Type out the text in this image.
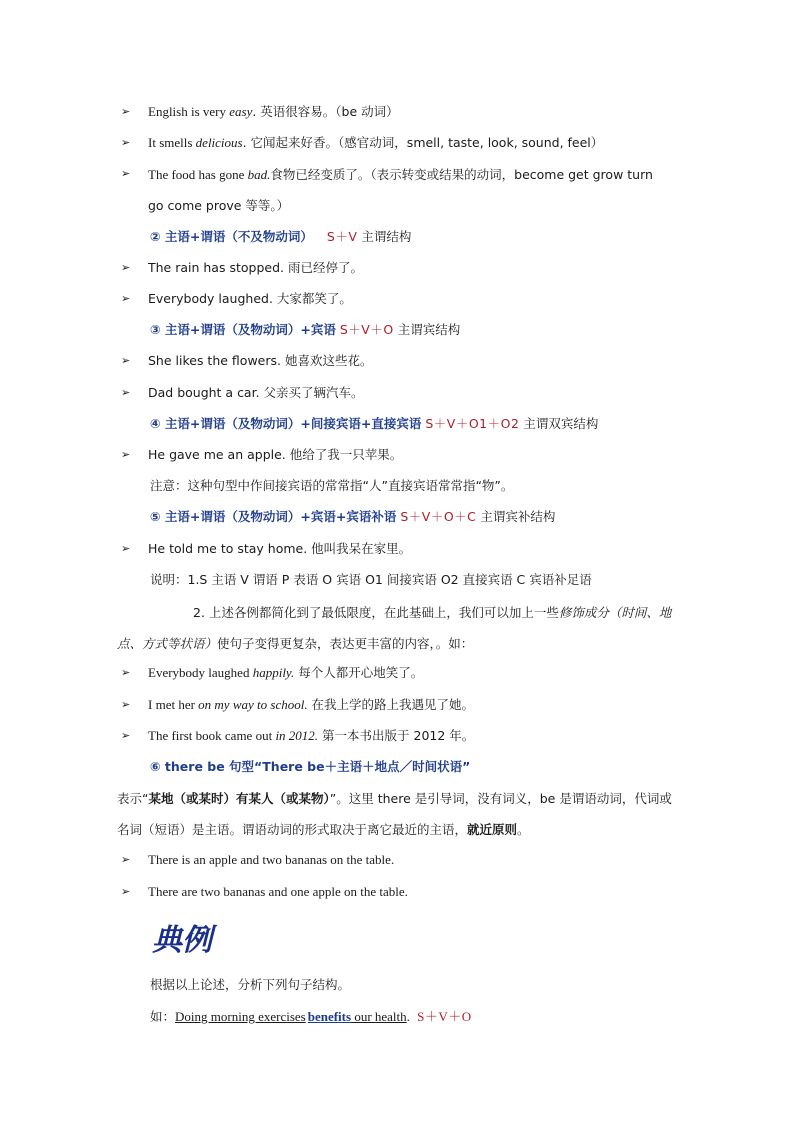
➢ English is very easy. 英语很容易。（be 动词）
➢ It smells delicious. 它闻起来好香。（感官动词，smell, taste, look, sound, feel）
➢ The food has gone bad.食物已经变质了。（表示转变或结果的动词，become get grow turn go come prove 等等。）
② 主语+谓语（不及物动词） S＋V 主谓结构
➢ The rain has stopped. 雨已经停了。
➢ Everybody laughed. 大家都笑了。
③ 主语+谓语（及物动词）+宾语 S＋V＋O 主谓宾结构
➢ She likes the flowers. 她喜欢这些花。
➢ Dad bought a car. 父亲买了辆汽车。
④ 主语+谓语（及物动词）+间接宾语+直接宾语 S＋V＋O1＋O2 主谓双宾结构
➢ He gave me an apple. 他给了我一只苹果。
注意：这种句型中作间接宾语的常常指“人”直接宾语常常指“物”。
⑤ 主语+谓语（及物动词）+宾语+宾语补语 S＋V＋O＋C 主谓宾补结构
➢ He told me to stay home. 他叫我呆在家里。
说明：1.S 主语 V 谓语 P 表语 O 宾语 O1 间接宾语 O2 直接宾语 C 宾语补足语
2. 上述各例都简化到了最低限度，在此基础上，我们可以加上一些修饰成分（时间、地点、方式等状语）使句子变得更复杂，表达更丰富的内容，。如：
➢ Everybody laughed happily. 每个人都开心地笑了。
➢ I met her on my way to school. 在我上学的路上我遇见了她。
➢ The first book came out in 2012. 第一本书出版于 2012 年。
⑥ there be 句型“There be＋主语＋地点／时间状语”
表示“某地（或某时）有某人（或某物）”。这里 there 是引导词，没有词义，be 是谓语动词，代词或名词（短语）是主语。谓语动词的形式取决于离它最近的主语，就近原则。
➢ There is an apple and two bananas on the table.
➢ There are two bananas and one apple on the table.
典例
根据以上论述，分析下列句子结构。
如：Doing morning exercises benefits our health. S＋V＋O
